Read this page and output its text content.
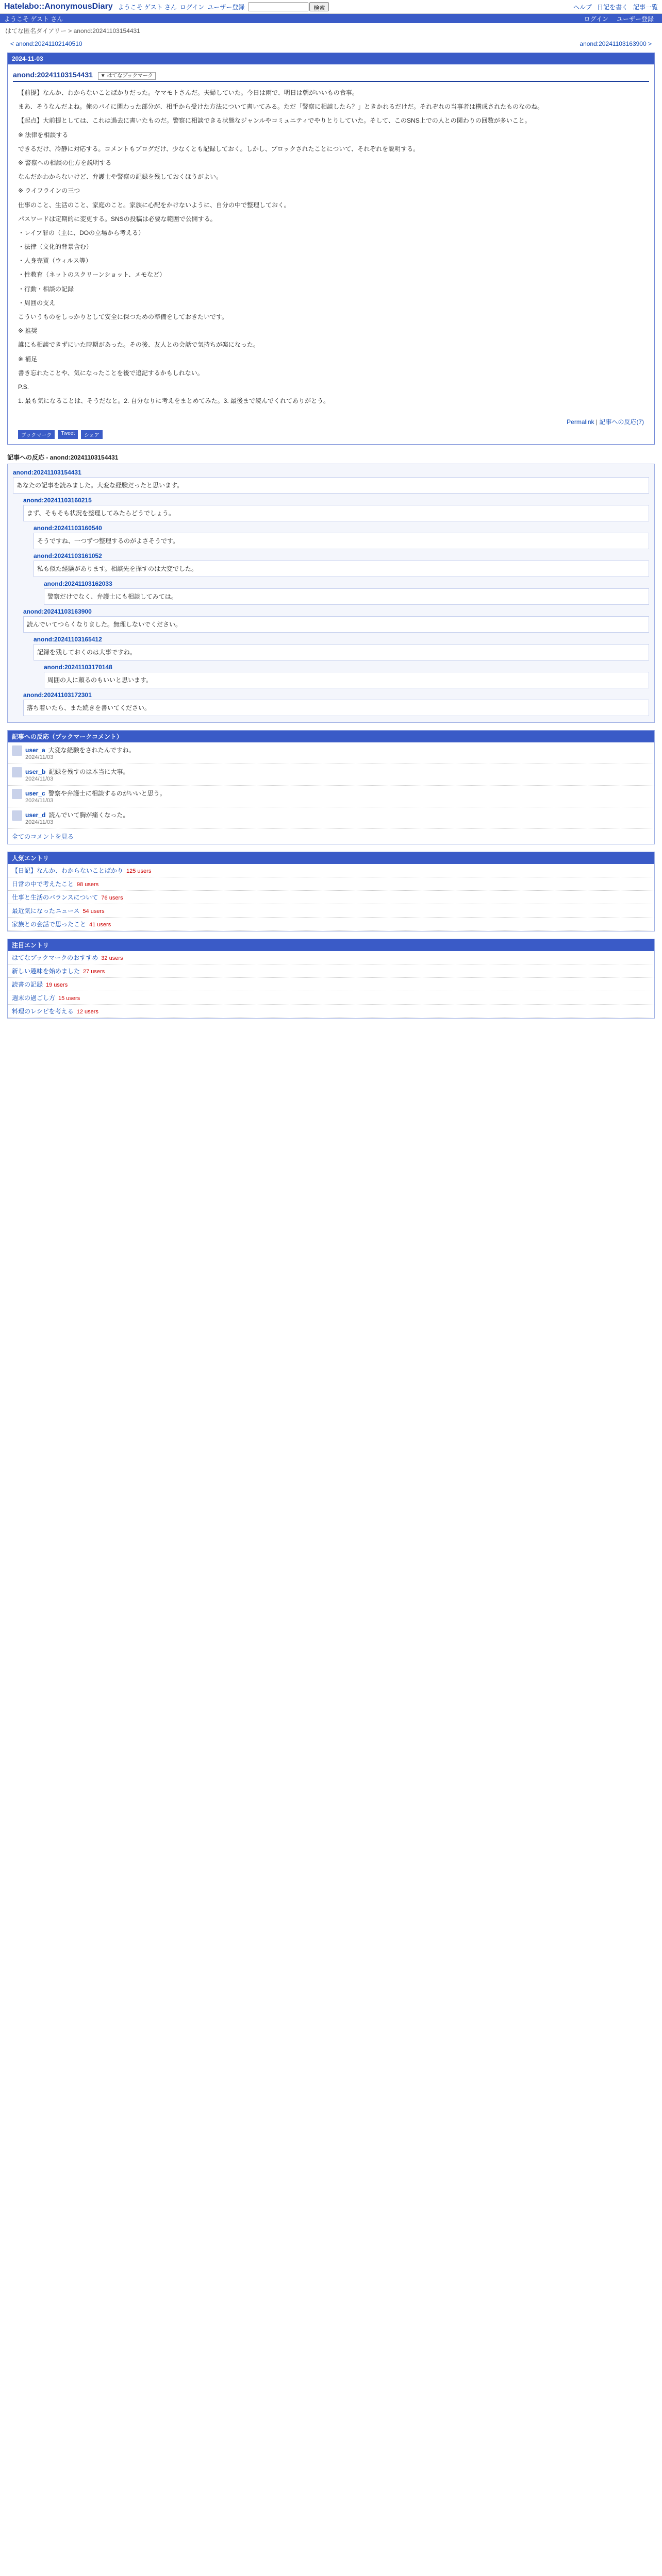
Hatelabo::AnonymousDiary ようこそ ゲスト さん ログイン ユーザー登録	検索	ヘルプ 日記を書く 記事一覧
ようこそ ゲスト さん	ログイン ユーザー登録
はてな匿名ダイアリー > anond:20241103154431
< anond:20241102140510	anond:20241103163900 >
2024-11-03
anond:20241103154431 ▼ はてなブックマーク

【前提】なんか、わからないことばかりだった。ヤマモトさんだ。夫婦していた。今日は雨で、明日は朝がいいもの食事。

まあ、そうなんだよね。俺のパイに関わった部分が、相手から受けた方法について書いてみる。ただ「警察に相談したら？」ときかれるだけだ。それぞれの当事者は構成されたものなのね。

【起点】大前提としては、これは過去に書いたものだ。警察に相談できる状態なジャンルやコミュニティでやりとりしていた。そして、このSNS上での人との関わりの回数が多いこと。

※ 法律を相談する

できるだけ、冷静に対応する。コメントもブログだけ、少なくとも記録しておく。しかし、ブロックされたことについて、それぞれを説明する。

※ 警察への相談の仕方を説明する

なんだかわからないけど、弁護士や警察の記録を残しておくほうがよい。

※ ライフラインの三つ

仕事のこと、生活のこと、家庭のこと。家族に心配をかけないように、自分の中で整理しておく。

パスワードは定期的に変更する。SNSの投稿は必要な範囲で公開する。

・レイプ罪の（主に、DOの立場から考える）

・法律（文化的背景含む）

・人身売買（ウィルス等）

・性教育（ネットのスクリーンショット、メモなど）

・行動・相談の記録

・周囲の支え

こういうものをしっかりとして安全に保つための準備をしておきたいです。

※ 推奨

誰にも相談できずにいた時期があった。その後、友人との会話で気持ちが楽になった。

※ 補足

書き忘れたことや、気になったことを後で追記するかもしれない。

P.S.

1. 最も気になることは、そうだなと。2. 自分なりに考えをまとめてみた。3. 最後まで読んでくれてありがとう。

Permalink | 記事への反応(7)
ブックマーク	Tweet	シェア
記事への反応 - anond:20241103154431
anond:20241103154431
あなたの記事を読みました。大変な経験だったと思います。
anond:20241103160215
まず、そもそも状況を整理してみたらどうでしょう。
anond:20241103160540
そうですね、一つずつ整理するのがよさそうです。
anond:20241103161052
私も似た経験があります。相談先を探すのは大変でした。
anond:20241103162033
警察だけでなく、弁護士にも相談してみては。
anond:20241103163900
読んでいてつらくなりました。無理しないでください。
anond:20241103165412
記録を残しておくのは大事ですね。
anond:20241103170148
周囲の人に頼るのもいいと思います。
anond:20241103172301
落ち着いたら、また続きを書いてください。
記事への反応（ブックマークコメント）
user_a 大変な経験をされたんですね。
2024/11/03
user_b 記録を残すのは本当に大事。
2024/11/03
user_c 警察や弁護士に相談するのがいいと思う。
2024/11/03
user_d 読んでいて胸が痛くなった。
2024/11/03
全てのコメントを見る
人気エントリ
【日記】なんか、わからないことばかり 125 users
日常の中で考えたこと 98 users
仕事と生活のバランスについて 76 users
最近気になったニュース 54 users
家族との会話で思ったこと 41 users
注目エントリ
はてなブックマークのおすすめ 32 users
新しい趣味を始めました 27 users
読書の記録 19 users
週末の過ごし方 15 users
料理のレシピを考える 12 users
